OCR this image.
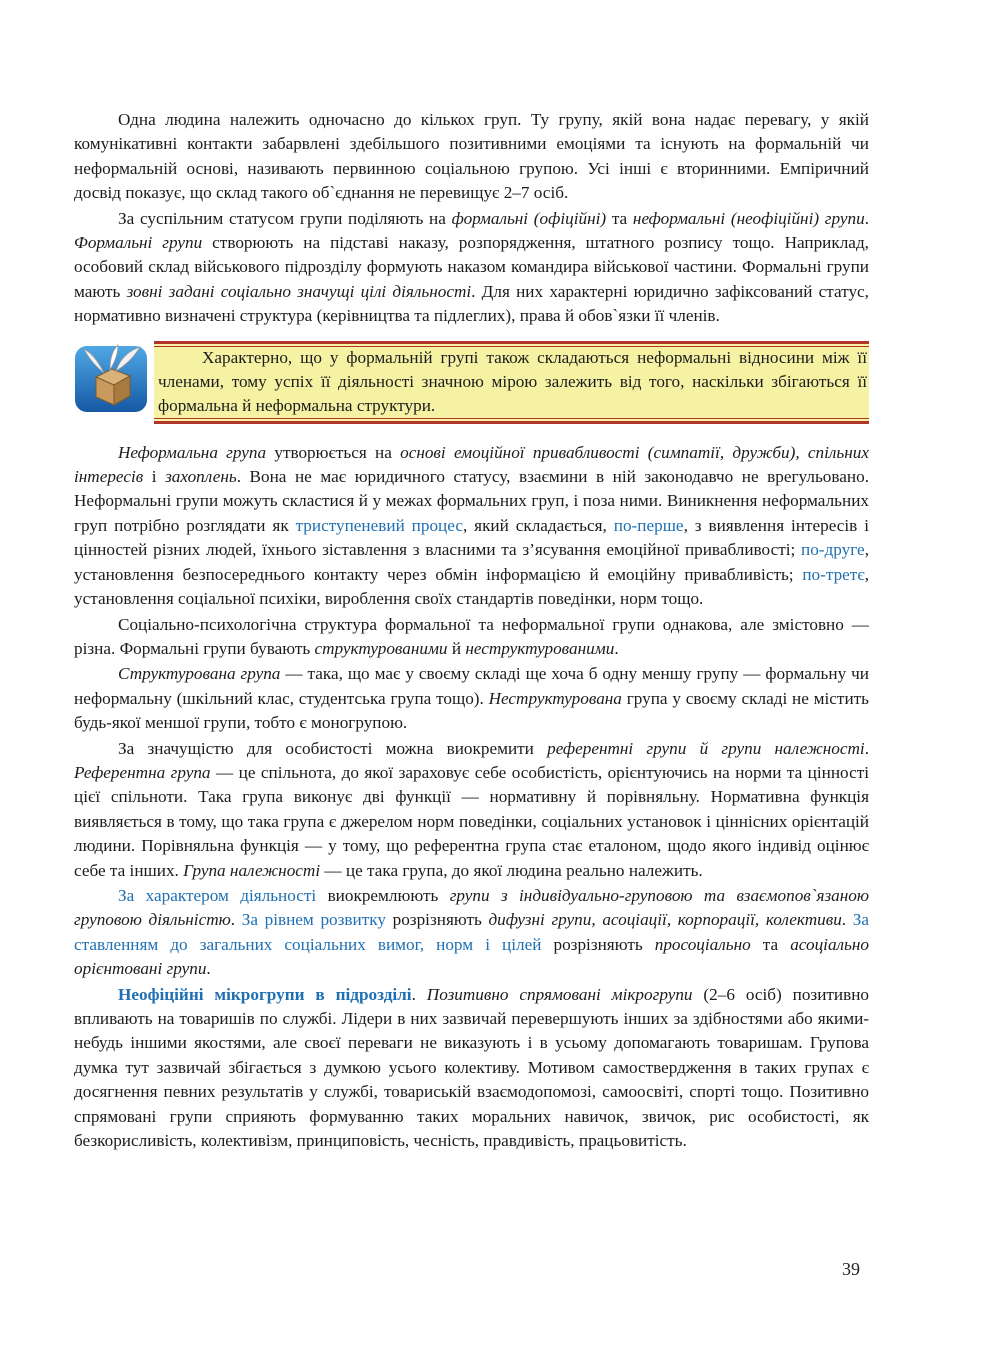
Одна людина належить одночасно до кількох груп. Ту групу, якій вона надає перевагу, у якій комунікативні контакти забарвлені здебільшого позитивними емоціями та існують на формальній чи неформальній основі, називають первинною соціальною групою. Усі інші є вторинними. Емпіричний досвід показує, що склад такого об`єднання не перевищує 2–7 осіб.

За суспільним статусом групи поділяють на формальні (офіційні) та неформальні (неофіційні) групи. Формальні групи створюють на підставі наказу, розпорядження, штатного розпису тощо. Наприклад, особовий склад військового підрозділу формують наказом командира військової частини. Формальні групи мають зовні задані соціально значущі цілі діяльності. Для них характерні юридично зафіксований статус, нормативно визначені структура (керівництва та підлеглих), права й обов`язки її членів.

Характерно, що у формальній групі також складаються неформальні відносини між її членами, тому успіх її діяльності значною мірою залежить від того, наскільки збігаються її формальна й неформальна структури.

Неформальна група утворюється на основі емоційної привабливості (симпатії, дружби), спільних інтересів і захоплень. Вона не має юридичного статусу, взаємини в ній законодавчо не врегульовано. Неформальні групи можуть скластися й у межах формальних груп, і поза ними. Виникнення неформальних груп потрібно розглядати як триступеневий процес, який складається, по-перше, з виявлення інтересів і цінностей різних людей, їхнього зіставлення з власними та з’ясування емоційної привабливості; по-друге, установлення безпосереднього контакту через обмін інформацією й емоційну привабливість; по-третє, установлення соціальної психіки, вироблення своїх стандартів поведінки, норм тощо.

Соціально-психологічна структура формальної та неформальної групи однакова, але змістовно — різна. Формальні групи бувають структурованими й неструктурованими.

Структурована група — така, що має у своєму складі ще хоча б одну меншу групу — формальну чи неформальну (шкільний клас, студентська група тощо). Неструктурована група у своєму складі не містить будь-якої меншої групи, тобто є моногрупою.

За значущістю для особистості можна виокремити референтні групи й групи належності. Референтна група — це спільнота, до якої зараховує себе особистість, орієнтуючись на норми та цінності цієї спільноти. Така група виконує дві функції — нормативну й порівняльну. Нормативна функція виявляється в тому, що така група є джерелом норм поведінки, соціальних установок і ціннісних орієнтацій людини. Порівняльна функція — у тому, що референтна група стає еталоном, щодо якого індивід оцінює себе та інших. Група належності — це така група, до якої людина реально належить.

За характером діяльності виокремлюють групи з індивідуально-груповою та взаємопов`язаною груповою діяльністю. За рівнем розвитку розрізняють дифузні групи, асоціації, корпорації, колективи. За ставленням до загальних соціальних вимог, норм і цілей розрізняють просоціально та асоціально орієнтовані групи.

Неофіційні мікрогрупи в підрозділі. Позитивно спрямовані мікрогрупи (2–6 осіб) позитивно впливають на товаришів по службі. Лідери в них зазвичай перевершують інших за здібностями або якими-небудь іншими якостями, але своєї переваги не виказують і в усьому допомагають товаришам. Групова думка тут зазвичай збігається з думкою усього колективу. Мотивом самоствердження в таких групах є досягнення певних результатів у службі, товариській взаємодопомозі, самоосвіті, спорті тощо. Позитивно спрямовані групи сприяють формуванню таких моральних навичок, звичок, рис особистості, як безкорисливість, колективізм, принциповість, чесність, правдивість, працьовитість.

39
